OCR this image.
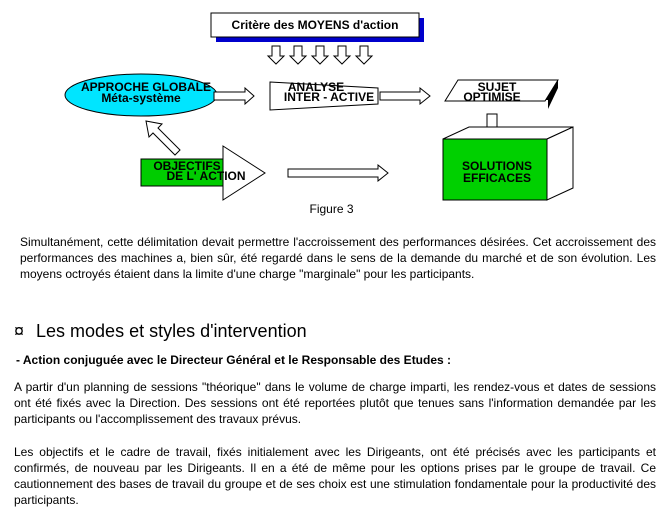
Critère des MOYENS d'action
APPROCHE GLOBALE
Méta-système
ANALYSE
INTER - ACTIVE
SUJET
OPTIMISE
SOLUTIONS
EFFICACES
OBJECTIFS
DE L' ACTION
Figure 3
Simultanément, cette délimitation devait permettre l'accroissement des performances désirées. Cet accroissement des performances des machines a, bien sûr, été regardé dans le sens de la demande du marché et de son évolution. Les moyens octroyés étaient dans la limite d'une charge "marginale" pour les participants.
¤ Les modes et styles d'intervention
- Action conjuguée avec le Directeur Général et le Responsable des Etudes :
A partir d'un planning de sessions "théorique" dans le volume de charge imparti, les rendez-vous et dates de sessions ont été fixés avec la Direction. Des sessions ont été reportées plutôt que tenues sans l'information demandée par les participants ou l'accomplissement des travaux prévus.
Les objectifs et le cadre de travail, fixés initialement avec les Dirigeants, ont été précisés avec les participants et confirmés, de nouveau par les Dirigeants. Il en a été de même pour les options prises par le groupe de travail. Ce cautionnement des bases de travail du groupe et de ses choix est une stimulation fondamentale pour la productivité des participants.
